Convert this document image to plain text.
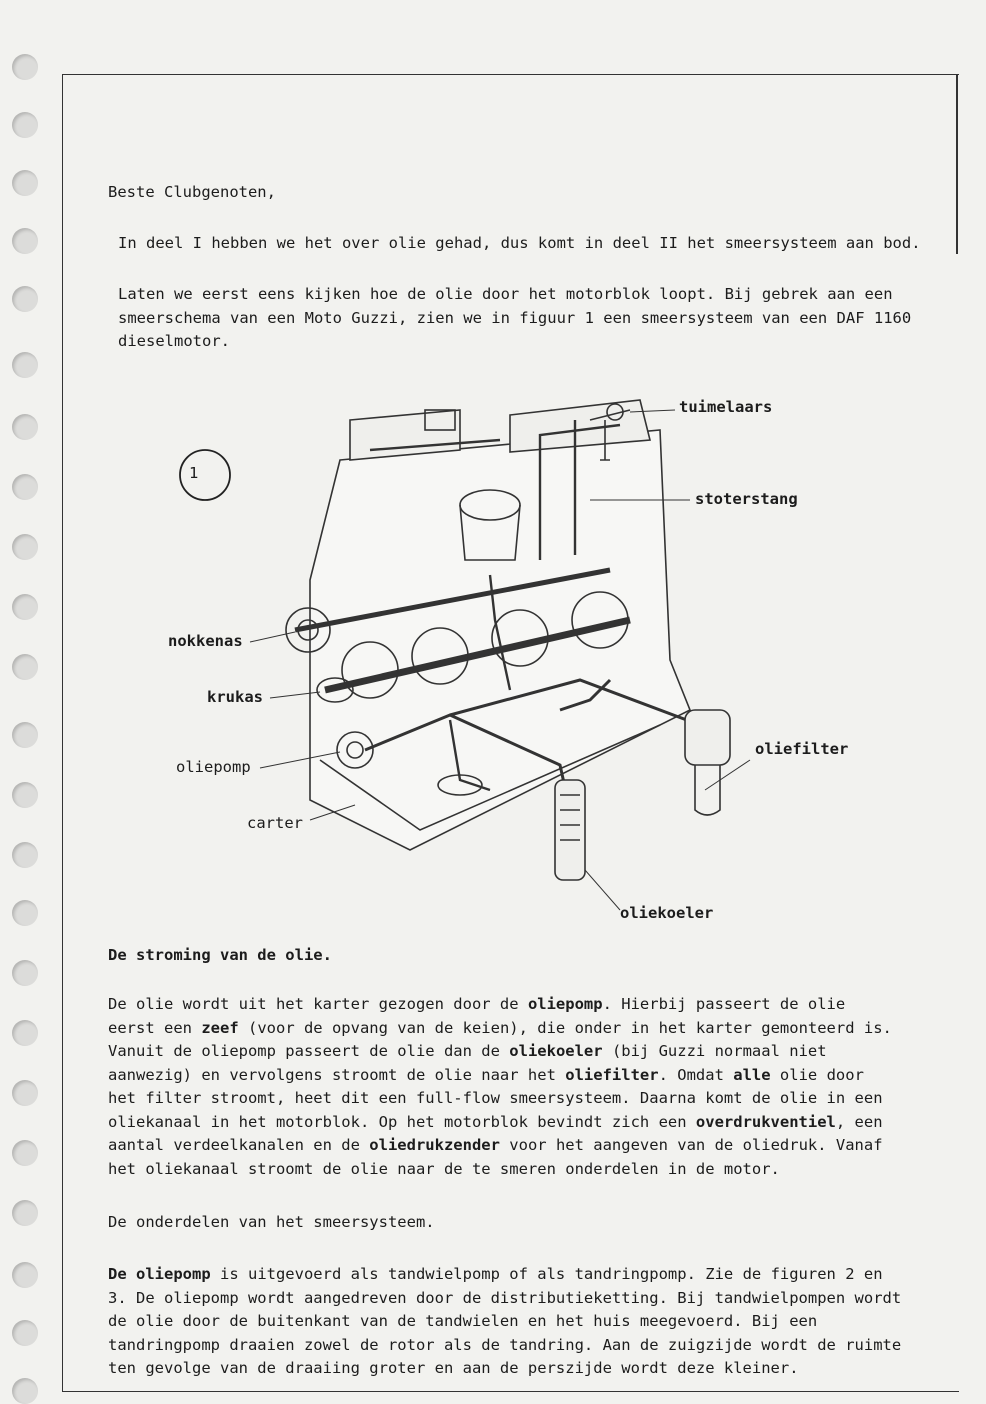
Beste Clubgenoten,
In deel I hebben we het over olie gehad, dus komt in deel II het smeersysteem aan bod.
Laten we eerst eens kijken hoe de olie door het motorblok loopt. Bij gebrek aan een
smeerschema van een Moto Guzzi, zien we in figuur 1 een smeersysteem van een DAF 1160
dieselmotor.
1
tuimelaars
stoterstang
nokkenas
krukas
oliepomp
oliefilter
carter
oliekoeler
De stroming van de olie.
De olie wordt uit het karter gezogen door de oliepomp. Hierbij passeert de olie
eerst een zeef (voor de opvang van de keien), die onder in het karter gemonteerd is.
Vanuit de oliepomp passeert de olie dan de oliekoeler (bij Guzzi normaal niet
aanwezig) en vervolgens stroomt de olie naar het oliefilter. Omdat alle olie door
het filter stroomt, heet dit een full-flow smeersysteem. Daarna komt de olie in een
oliekanaal in het motorblok. Op het motorblok bevindt zich een overdrukventiel, een
aantal verdeelkanalen en de oliedrukzender voor het aangeven van de oliedruk. Vanaf
het oliekanaal stroomt de olie naar de te smeren onderdelen in de motor.
De onderdelen van het smeersysteem.
De oliepomp is uitgevoerd als tandwielpomp of als tandringpomp. Zie de figuren 2 en
3. De oliepomp wordt aangedreven door de distributieketting. Bij tandwielpompen wordt
de olie door de buitenkant van de tandwielen en het huis meegevoerd. Bij een
tandringpomp draaien zowel de rotor als de tandring. Aan de zuigzijde wordt de ruimte
ten gevolge van de draaiing groter en aan de perszijde wordt deze kleiner.
